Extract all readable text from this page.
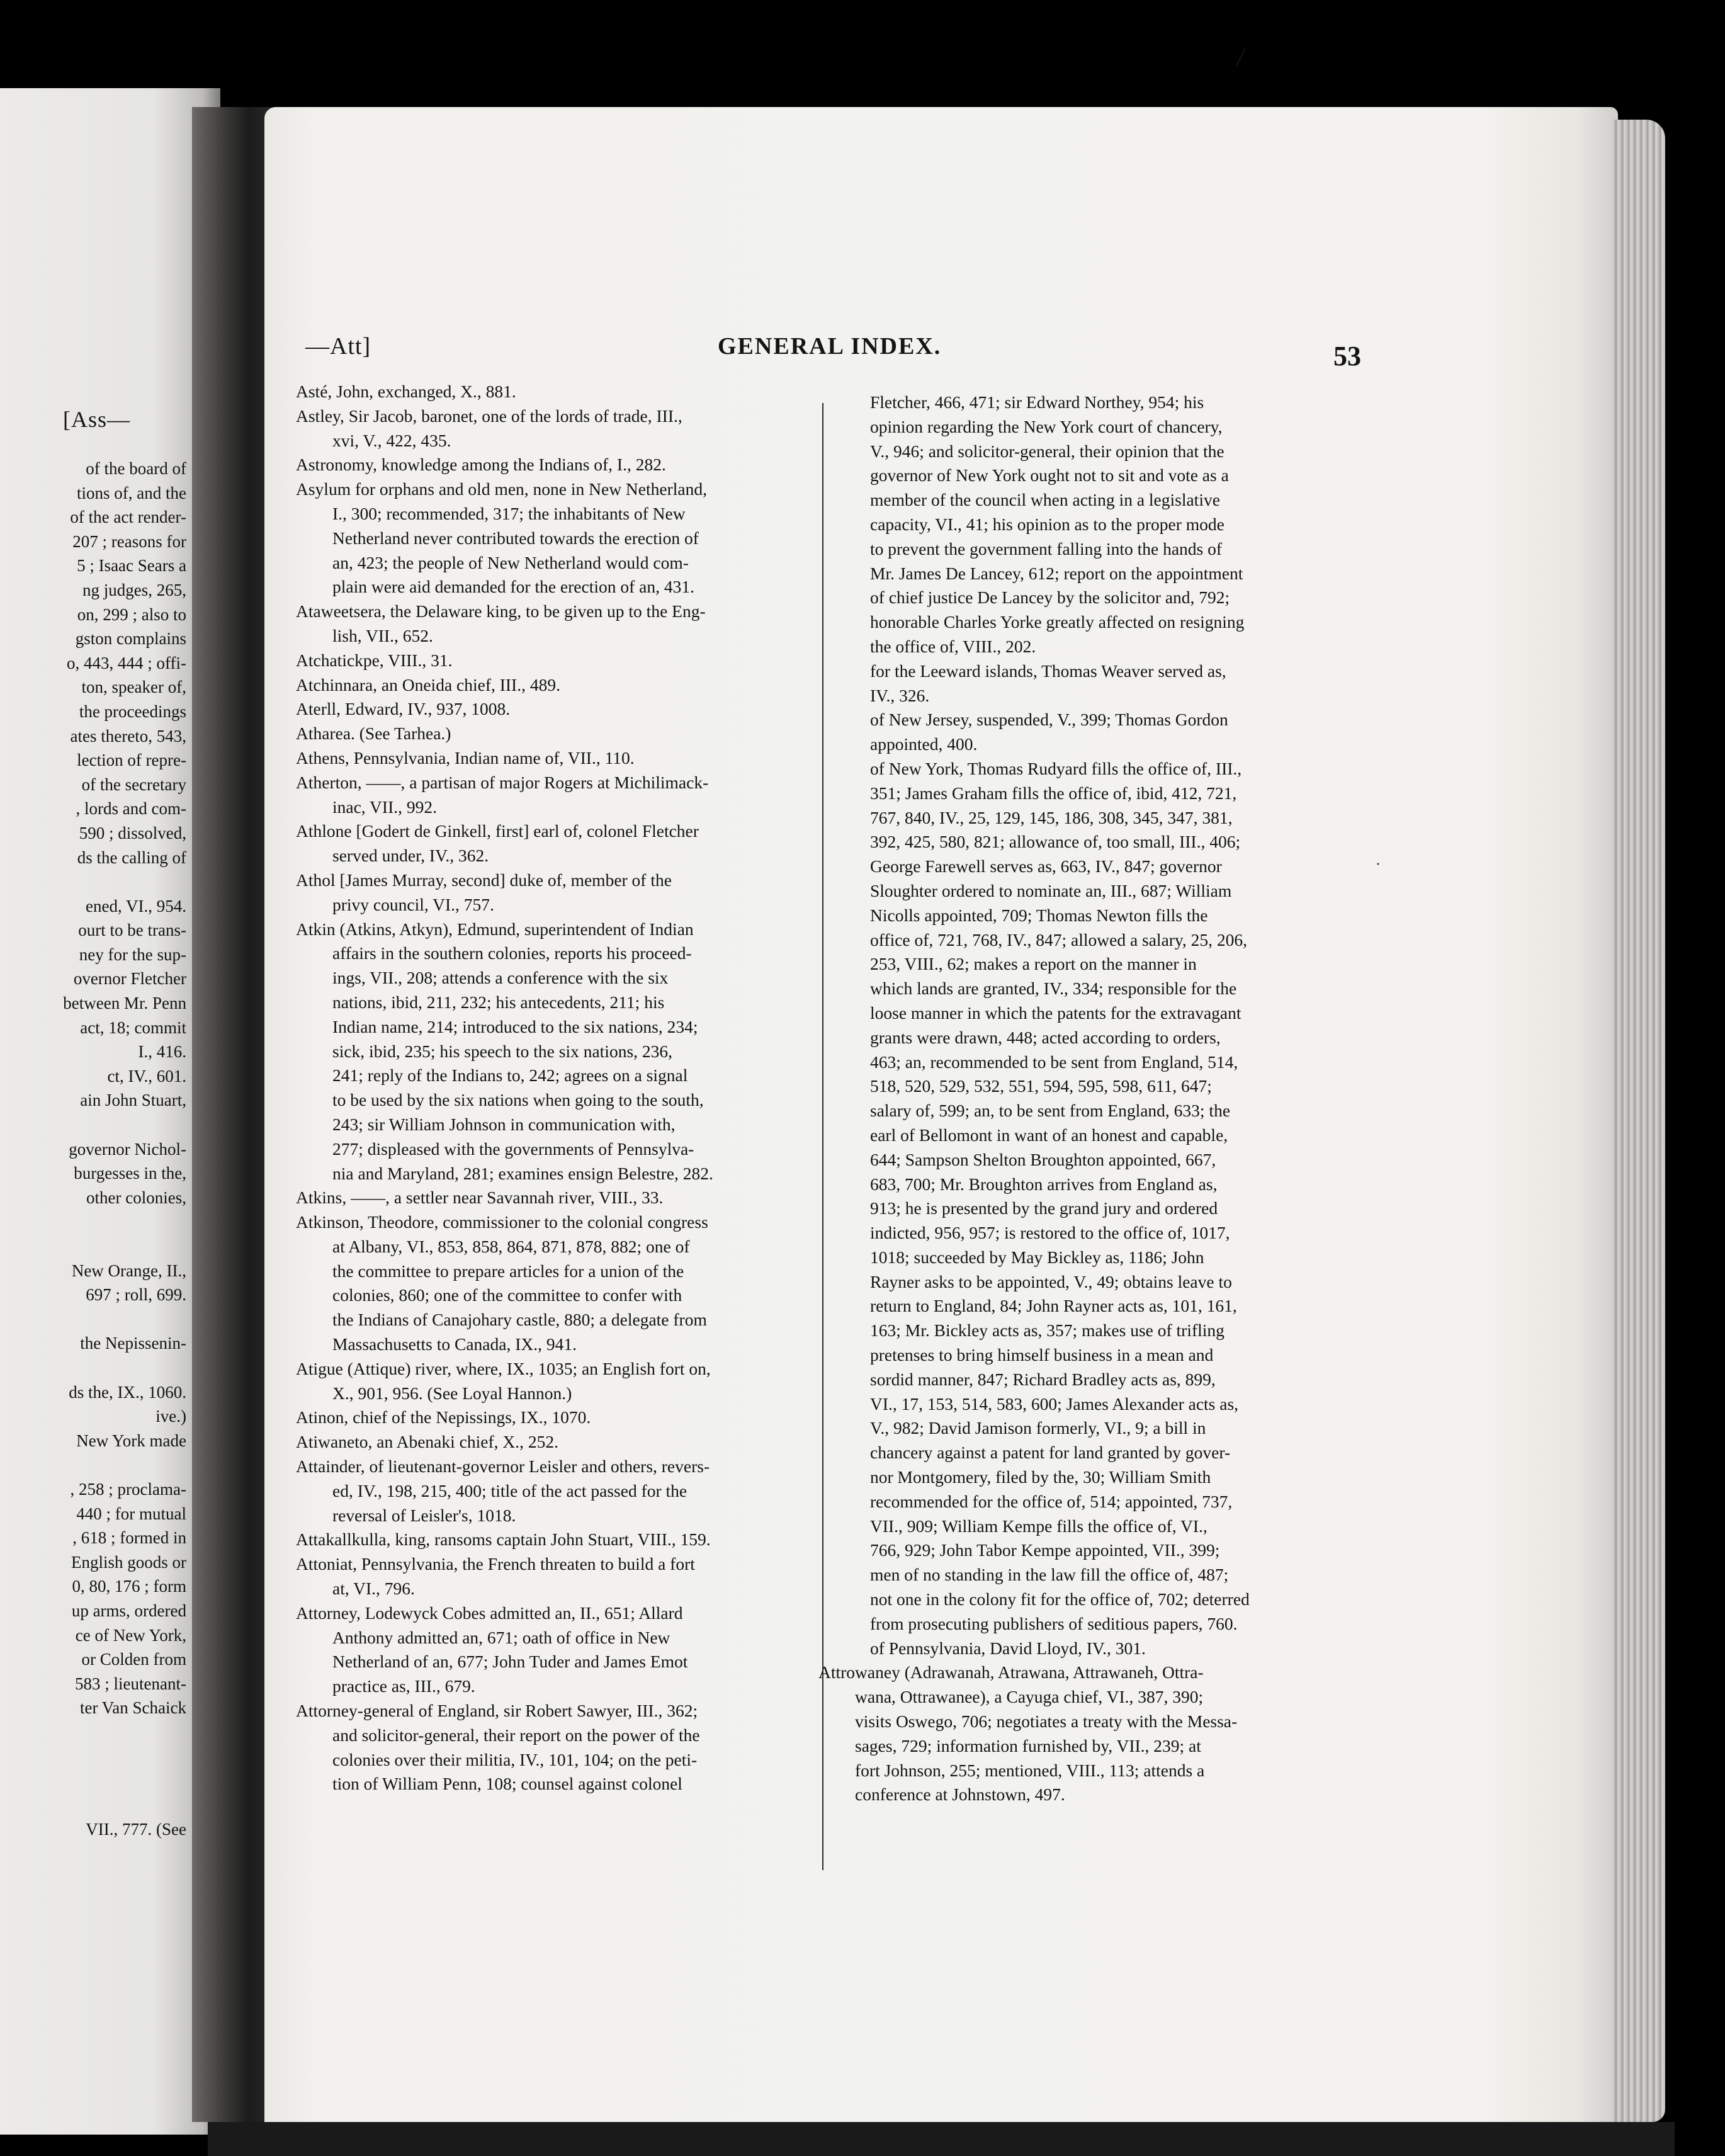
[Ass—
of the board of
tions of, and the
of the act render-
207 ; reasons for
5 ; Isaac Sears a
ng judges, 265,
on, 299 ; also to
gston complains
o, 443, 444 ; offi-
ton, speaker of,
the proceedings
ates thereto, 543,
lection of repre-
of the secretary
, lords and com-
590 ; dissolved,
ds the calling of
ened, VI., 954.
ourt to be trans-
ney for the sup-
overnor Fletcher
between Mr. Penn
act, 18; commit
I., 416.
ct, IV., 601.
ain John Stuart,
governor Nichol-
burgesses in the,
other colonies,
New Orange, II.,
697 ; roll, 699.
the Nepissenin-
ds the, IX., 1060.
ive.)
New York made
, 258 ; proclama-
440 ; for mutual
, 618 ; formed in
English goods or
0, 80, 176 ; form
up arms, ordered
ce of New York,
or Colden from
583 ; lieutenant-
ter Van Schaick
VII., 777. (See
/
—Att]	GENERAL INDEX.	53
Asté, John, exchanged, X., 881.
Astley, Sir Jacob, baronet, one of the lords of trade, III.,
xvi, V., 422, 435.
Astronomy, knowledge among the Indians of, I., 282.
Asylum for orphans and old men, none in New Netherland,
I., 300; recommended, 317; the inhabitants of New
Netherland never contributed towards the erection of
an, 423; the people of New Netherland would com-
plain were aid demanded for the erection of an, 431.
Ataweetsera, the Delaware king, to be given up to the Eng-
lish, VII., 652.
Atchatickpe, VIII., 31.
Atchinnara, an Oneida chief, III., 489.
Aterll, Edward, IV., 937, 1008.
Atharea. (See Tarhea.)
Athens, Pennsylvania, Indian name of, VII., 110.
Atherton, ——, a partisan of major Rogers at Michilimack-
inac, VII., 992.
Athlone [Godert de Ginkell, first] earl of, colonel Fletcher
served under, IV., 362.
Athol [James Murray, second] duke of, member of the
privy council, VI., 757.
Atkin (Atkins, Atkyn), Edmund, superintendent of Indian
affairs in the southern colonies, reports his proceed-
ings, VII., 208; attends a conference with the six
nations, ibid, 211, 232; his antecedents, 211; his
Indian name, 214; introduced to the six nations, 234;
sick, ibid, 235; his speech to the six nations, 236,
241; reply of the Indians to, 242; agrees on a signal
to be used by the six nations when going to the south,
243; sir William Johnson in communication with,
277; displeased with the governments of Pennsylva-
nia and Maryland, 281; examines ensign Belestre, 282.
Atkins, ——, a settler near Savannah river, VIII., 33.
Atkinson, Theodore, commissioner to the colonial congress
at Albany, VI., 853, 858, 864, 871, 878, 882; one of
the committee to prepare articles for a union of the
colonies, 860; one of the committee to confer with
the Indians of Canajohary castle, 880; a delegate from
Massachusetts to Canada, IX., 941.
Atigue (Attique) river, where, IX., 1035; an English fort on,
X., 901, 956. (See Loyal Hannon.)
Atinon, chief of the Nepissings, IX., 1070.
Atiwaneto, an Abenaki chief, X., 252.
Attainder, of lieutenant-governor Leisler and others, revers-
ed, IV., 198, 215, 400; title of the act passed for the
reversal of Leisler's, 1018.
Attakallkulla, king, ransoms captain John Stuart, VIII., 159.
Attoniat, Pennsylvania, the French threaten to build a fort
at, VI., 796.
Attorney, Lodewyck Cobes admitted an, II., 651; Allard
Anthony admitted an, 671; oath of office in New
Netherland of an, 677; John Tuder and James Emot
practice as, III., 679.
Attorney-general of England, sir Robert Sawyer, III., 362;
and solicitor-general, their report on the power of the
colonies over their militia, IV., 101, 104; on the peti-
tion of William Penn, 108; counsel against colonel
Fletcher, 466, 471; sir Edward Northey, 954; his
opinion regarding the New York court of chancery,
V., 946; and solicitor-general, their opinion that the
governor of New York ought not to sit and vote as a
member of the council when acting in a legislative
capacity, VI., 41; his opinion as to the proper mode
to prevent the government falling into the hands of
Mr. James De Lancey, 612; report on the appointment
of chief justice De Lancey by the solicitor and, 792;
honorable Charles Yorke greatly affected on resigning
the office of, VIII., 202.
for the Leeward islands, Thomas Weaver served as,
IV., 326.
of New Jersey, suspended, V., 399; Thomas Gordon
appointed, 400.
of New York, Thomas Rudyard fills the office of, III.,
351; James Graham fills the office of, ibid, 412, 721,
767, 840, IV., 25, 129, 145, 186, 308, 345, 347, 381,
392, 425, 580, 821; allowance of, too small, III., 406;
George Farewell serves as, 663, IV., 847; governor
Sloughter ordered to nominate an, III., 687; William
Nicolls appointed, 709; Thomas Newton fills the
office of, 721, 768, IV., 847; allowed a salary, 25, 206,
253, VIII., 62; makes a report on the manner in
which lands are granted, IV., 334; responsible for the
loose manner in which the patents for the extravagant
grants were drawn, 448; acted according to orders,
463; an, recommended to be sent from England, 514,
518, 520, 529, 532, 551, 594, 595, 598, 611, 647;
salary of, 599; an, to be sent from England, 633; the
earl of Bellomont in want of an honest and capable,
644; Sampson Shelton Broughton appointed, 667,
683, 700; Mr. Broughton arrives from England as,
913; he is presented by the grand jury and ordered
indicted, 956, 957; is restored to the office of, 1017,
1018; succeeded by May Bickley as, 1186; John
Rayner asks to be appointed, V., 49; obtains leave to
return to England, 84; John Rayner acts as, 101, 161,
163; Mr. Bickley acts as, 357; makes use of trifling
pretenses to bring himself business in a mean and
sordid manner, 847; Richard Bradley acts as, 899,
VI., 17, 153, 514, 583, 600; James Alexander acts as,
V., 982; David Jamison formerly, VI., 9; a bill in
chancery against a patent for land granted by gover-
nor Montgomery, filed by the, 30; William Smith
recommended for the office of, 514; appointed, 737,
VII., 909; William Kempe fills the office of, VI.,
766, 929; John Tabor Kempe appointed, VII., 399;
men of no standing in the law fill the office of, 487;
not one in the colony fit for the office of, 702; deterred
from prosecuting publishers of seditious papers, 760.
of Pennsylvania, David Lloyd, IV., 301.
Attrowaney (Adrawanah, Atrawana, Attrawaneh, Ottra-
wana, Ottrawanee), a Cayuga chief, VI., 387, 390;
visits Oswego, 706; negotiates a treaty with the Messa-
sages, 729; information furnished by, VII., 239; at
fort Johnson, 255; mentioned, VIII., 113; attends a
conference at Johnstown, 497.
·
